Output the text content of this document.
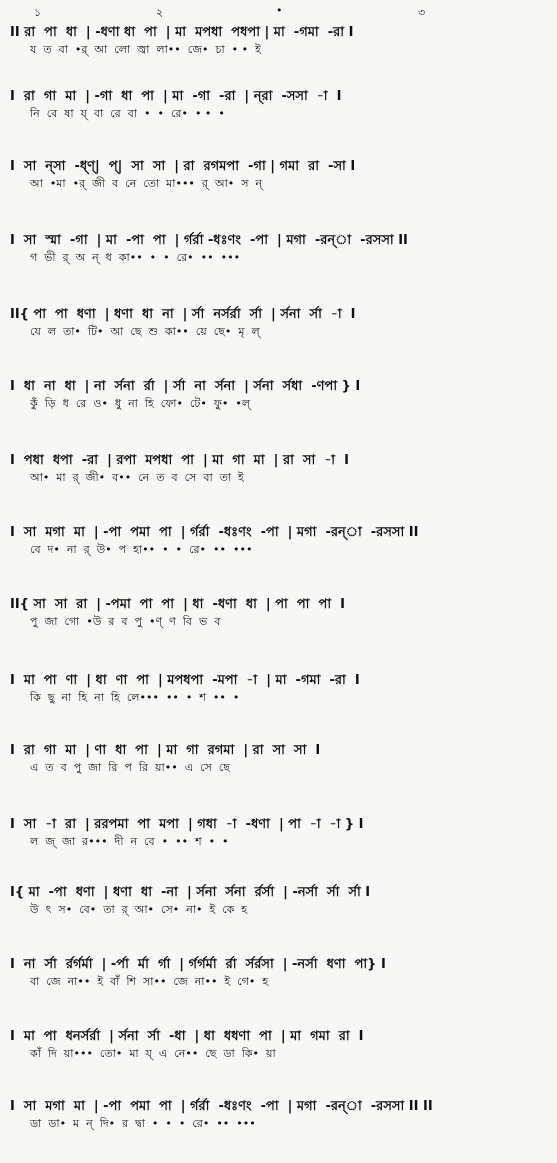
১	২	•	৩
II রা  পা  ধা  | -ধণা ধা  পা  | মা  মপধা  পধপা | মা  -গমা  -রা I
য  ত  বা  •র্  আ  লো  জ্বা  লা••  জে•  চা  • •  ই
I  রা  গা  মা  | -গা  ধা  পা  | মা  -গা  -রা  | ন্‌রা  -সসা  -া  I
নি  বে  ষা  য্  বা  রে  বা  •  •  রে•  • •  •
I  সা  ন্‌সা  -ধ্ণ্|  প্|  সা  সা  | রা  রগমপা  -গা | গমা  রা  -সা I
আ  •মা  •র্  জী  ব  নে  তো  মা•••  র্  আ•  স  ন্
I  সা  স্মা  -গা  | মা  -পা  পা  | র্গর্রা -ধঃণং  -পা  | মগা  -রন্‌া  -রসসা II
গ  ভী  র্  অ  ন্  ধ  কা••  •  •  রে•  ••  •••
II{ পা  পা  ধণা  | ধণা  ধা  না  | র্সা  নর্সর্রা  র্সা  | র্সনা  র্সা  -া  I
যে  ল  তা•  টি•  আ  ছে  শু  কা••  য়ে  ছে•  মৃ  ল্
I  ধা  না  ধা  | না  র্সনা  র্রা  | র্সা  না  র্সনা  | র্সনা  র্সধা  -ণপা } I
কুঁ  ড়ি  ধ  রে  ও•  ধু  না  হি  ফো•  টে•  ফু•  •ল্
I  পধা  ধপা  -রা  | রপা  মপধা  পা  | মা  গা  মা  | রা  সা  -া  I
আ•  মা  র্  জী•  ব••  নে  ত  ব  সে  বা  তা  ই
I  সা  মগা  মা  | -পা  পমা  পা  | র্গর্রা  -ধঃণং  -পা  | মগা  -রন্‌া  -রসসা II
বে  দ•  না  র্  উ•  প  হা••  •  •  রে•  ••  •••
II{ সা  সা  রা  | -পমা  পা  পা  | ধা  -ধণা  ধা  | পা  পা  পা  I
পু  জা  গো  •উ  র  ব  পু  •ণ্  ণ  বি  ভ  ব
I  মা  পা  ণা  | ধা  ণা  পা  | মপধপা  -মপা  -া  | মা  -গমা  -রা  I
কি  ছু  না  হি  না  হি  লে•••  ••  •  শ  ••  •
I  রা  গা  মা  | ণা  ধা  পা  | মা  গা  রগমা  | রা  সা  সা  I
এ  ত  ব  পু  জা  রি  প  রি  য়া••  এ  সে  ছে
I  সা  -া  রা  | ররপমা  পা  মপা  | গধা  -া  -ধণা  | পা  -া  -া } I
ল  জ্  জা  র•••  দী  ন  বে  •  ••  শ  •  •
I{ মা  -পা  ধণা  | ধণা  ধা  -না  | র্সনা  র্সনা  র্রর্সা  | -নর্সা  র্সা  র্সা I
উ  ৎ  স•  বে•  তা  র্  আ•  সে•  না•  ই  কে  হ
I  না  র্সা  র্রর্গর্মা  | -র্পা  র্মা  র্গা  | র্গর্গর্মা  র্রা  র্সর্রসা  | -নর্সা  ধণা  পা} I
বা  জে  না••  ই  বাঁ  শি  সা••  জে  না••  ই  গে•  হ
I  মা  পা  ধনর্সর্রা  | র্সনা  র্সা  -ধা  | ধা  ধধণা  পা  | মা  গমা  রা  I
কাঁ  দি  য়া•••  তো•  মা  য্  এ  নে••  ছে  ডা  কি•  য়া
I  সা  মগা  মা  | -পা  পমা  পা  | র্গর্রা  -ধঃণং  -পা  | মগা  -রন্‌া  -রসসা II II
ডা  ডা•  ম  ন্  দি•  র  দ্বা  •  •  •  রে•  ••  •••
